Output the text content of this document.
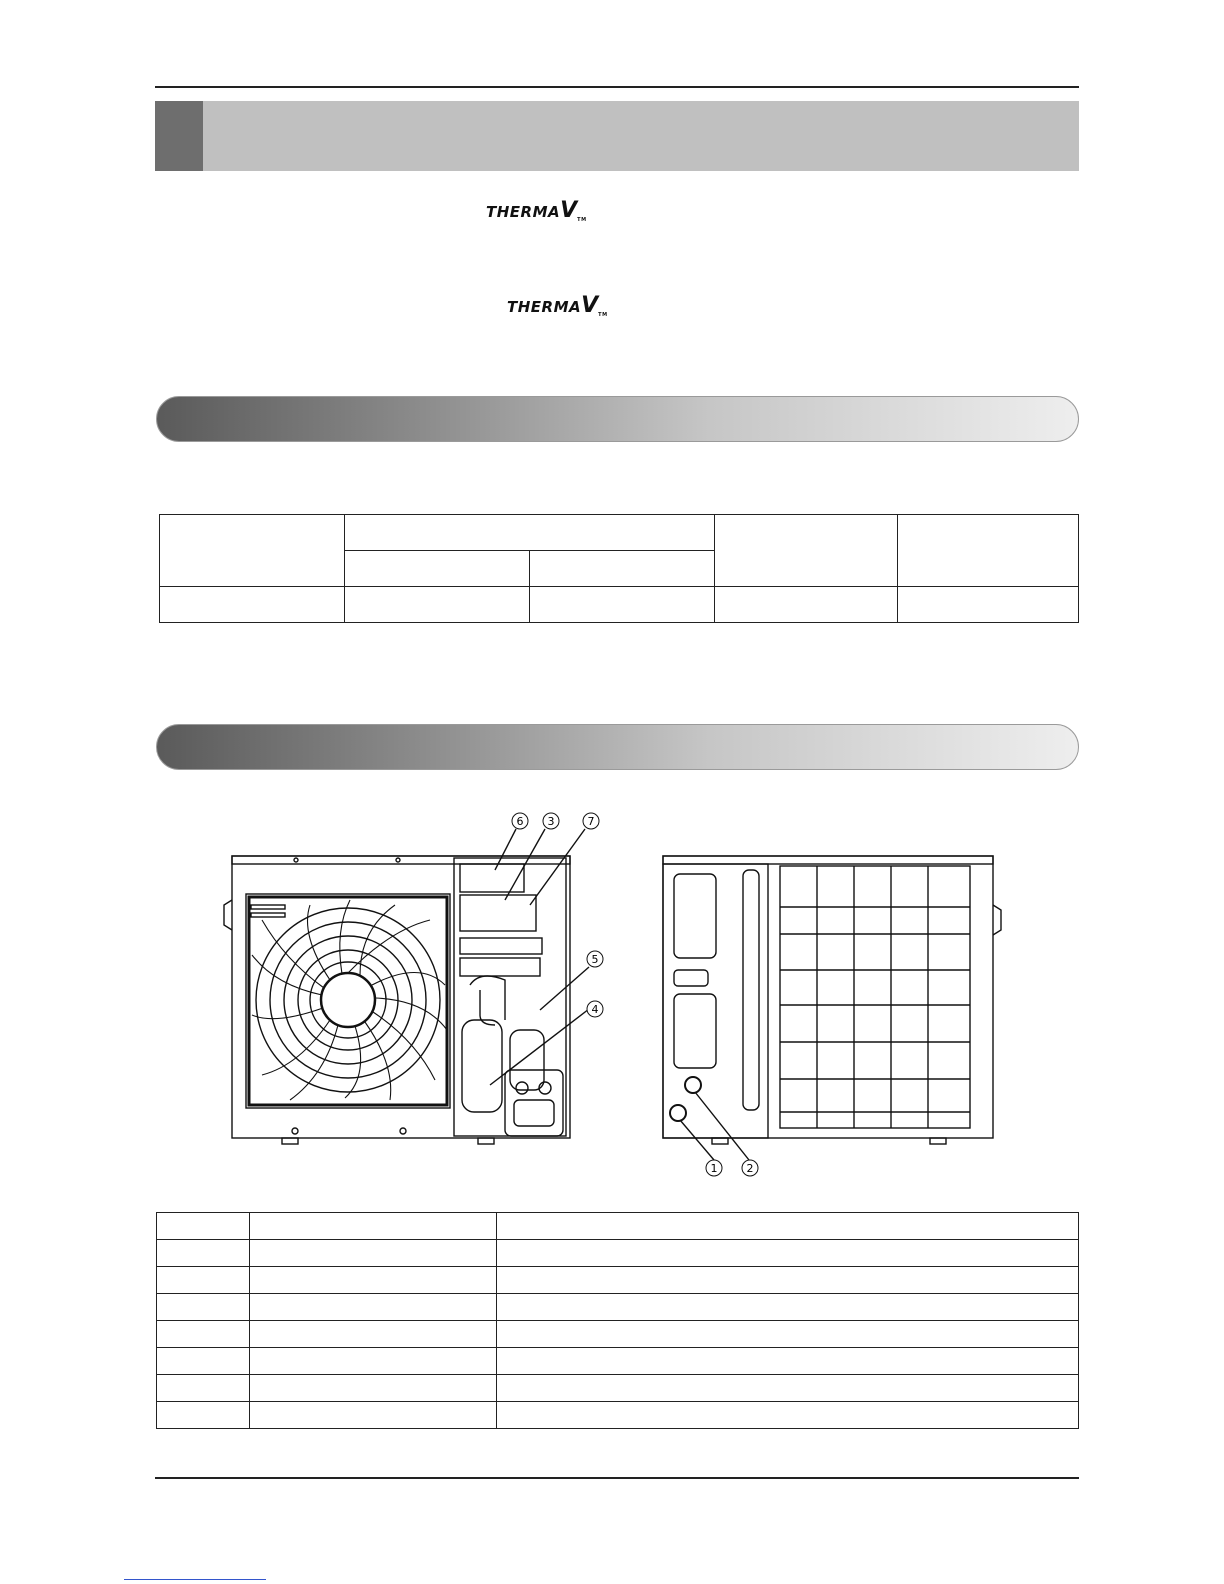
THERMAVTM
THERMAVTM

6 3	7
5
4
1	2
